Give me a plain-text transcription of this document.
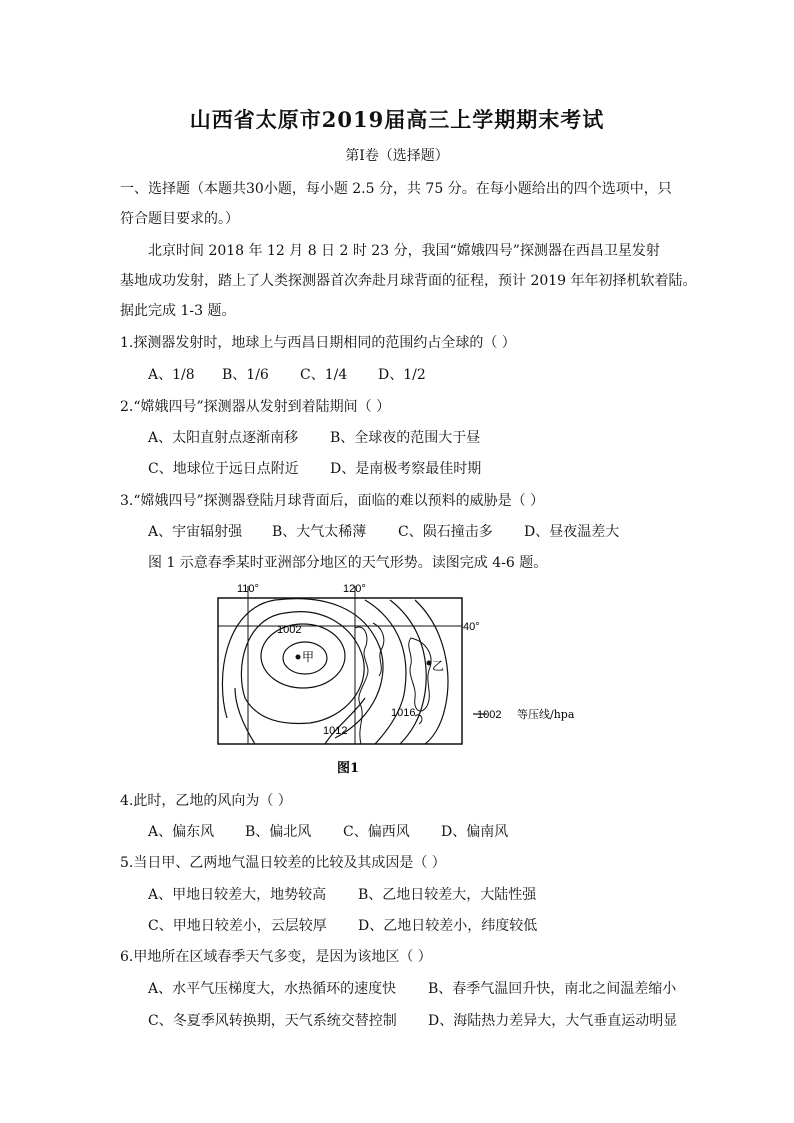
山西省太原市2019届高三上学期期末考试
第Ⅰ卷（选择题）
一、选择题（本题共30小题，每小题 2.5 分，共 75 分。在每小题给出的四个选项中，只
符合题目要求的。）
北京时间 2018 年 12 月 8 日 2 时 23 分，我国“嫦娥四号”探测器在西昌卫星发射
基地成功发射，踏上了人类探测器首次奔赴月球背面的征程，预计 2019 年年初择机软着陆。
据此完成 1-3 题。
1.探测器发射时，地球上与西昌日期相同的范围约占全球的（ ）
A、1/8 B、1/6 C、1/4 D、1/2
2.“嫦娥四号”探测器从发射到着陆期间（ ）
A、太阳直射点逐渐南移 B、全球夜的范围大于昼
C、地球位于远日点附近 D、是南极考察最佳时期
3.“嫦娥四号”探测器登陆月球背面后，面临的难以预料的威胁是（ ）
A、宇宙辐射强 B、大气太稀薄 C、陨石撞击多 D、昼夜温差大
图 1 示意春季某时亚洲部分地区的天气形势。读图完成 4-6 题。
110°	120°
40°
1002
1016
1012
甲
乙
1002 等压线/hpa
图1
4.此时，乙地的风向为（ ）
A、偏东风 B、偏北风 C、偏西风 D、偏南风
5.当日甲、乙两地气温日较差的比较及其成因是（ ）
A、甲地日较差大，地势较高 B、乙地日较差大，大陆性强
C、甲地日较差小，云层较厚 D、乙地日较差小，纬度较低
6.甲地所在区域春季天气多变，是因为该地区（ ）
A、水平气压梯度大，水热循环的速度快 B、春季气温回升快，南北之间温差缩小
C、冬夏季风转换期，天气系统交替控制 D、海陆热力差异大，大气垂直运动明显
